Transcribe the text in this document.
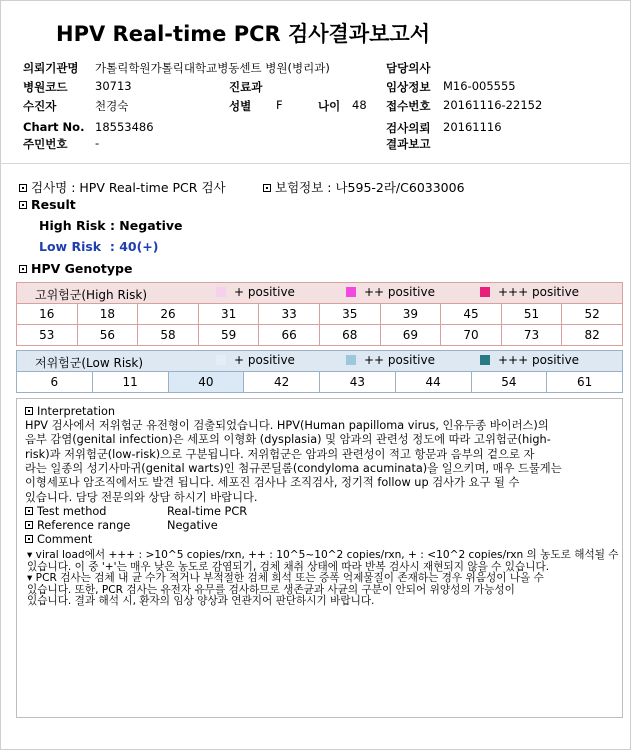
HPV Real-time PCR 검사결과보고서
의뢰기관명 가톨릭학원가톨릭대학교병동센트 병원(병리과)
병원코드 30713
수진자	천경숙
Chart No. 18553486
주민번호 -
진료과
성별 F	나이 48
담당의사
임상정보 M16-005555
접수번호 20161116-22152
검사의뢰 20161116
결과보고
검사명 : HPV Real-time PCR 검사	보험정보 : 나595-2라/C6033006
Result
High Risk : Negative
Low Risk : 40(+)
HPV Genotype
고위험군(High Risk)									

16	18	26	31	33	35	39	45	51	52
53	56	58	59	66	68	69	70	73	82
+ positive	++ positive	+++ positive
저위험군(Low Risk)

6	11	40	42	43	44	54	61
+ positive	++ positive	+++ positive
Interpretation
HPV 검사에서 저위험군 유전형이 검출되었습니다. HPV(Human papilloma virus, 인유두종 바이러스)의
음부 감염(genital infection)은 세포의 이형화 (dysplasia) 및 암과의 관련성 정도에 따라 고위험군(high-
risk)과 저위험군(low-risk)으로 구분됩니다. 저위험군은 암과의 관련성이 적고 항문과 음부의 겉으로 자
라는 일종의 성기사마귀(genital warts)인 첨규콘딜롬(condyloma acuminata)을 일으키며, 매우 드물게는
이형세포나 암조직에서도 발견 됩니다. 세포진 검사나 조직검사, 정기적 follow up 검사가 요구 될 수
있습니다. 담당 전문의와 상담 하시기 바랍니다.
Test method	Real-time PCR
Reference range	Negative
Comment
▾ viral load에서 +++ : >10^5 copies/rxn, ++ : 10^5~10^2 copies/rxn, + : <10^2 copies/rxn 의 농도로 해석될 수
있습니다. 이 중 '+'는 매우 낮은 농도로 감염되기, 검체 채취 상태에 따라 반복 검사시 재현되지 않을 수 있습니다.
▾ PCR 검사는 검체 내 균 수가 적거나 부적절한 검체 희석 또는 증폭 억제물질이 존재하는 경우 위음성이 나올 수
있습니다. 또한, PCR 검사는 유전자 유무를 검사하므로 생존균과 사균의 구분이 안되어 위양성의 가능성이
있습니다. 결과 해석 시, 환자의 임상 양상과 연관지어 판단하시기 바랍니다.
